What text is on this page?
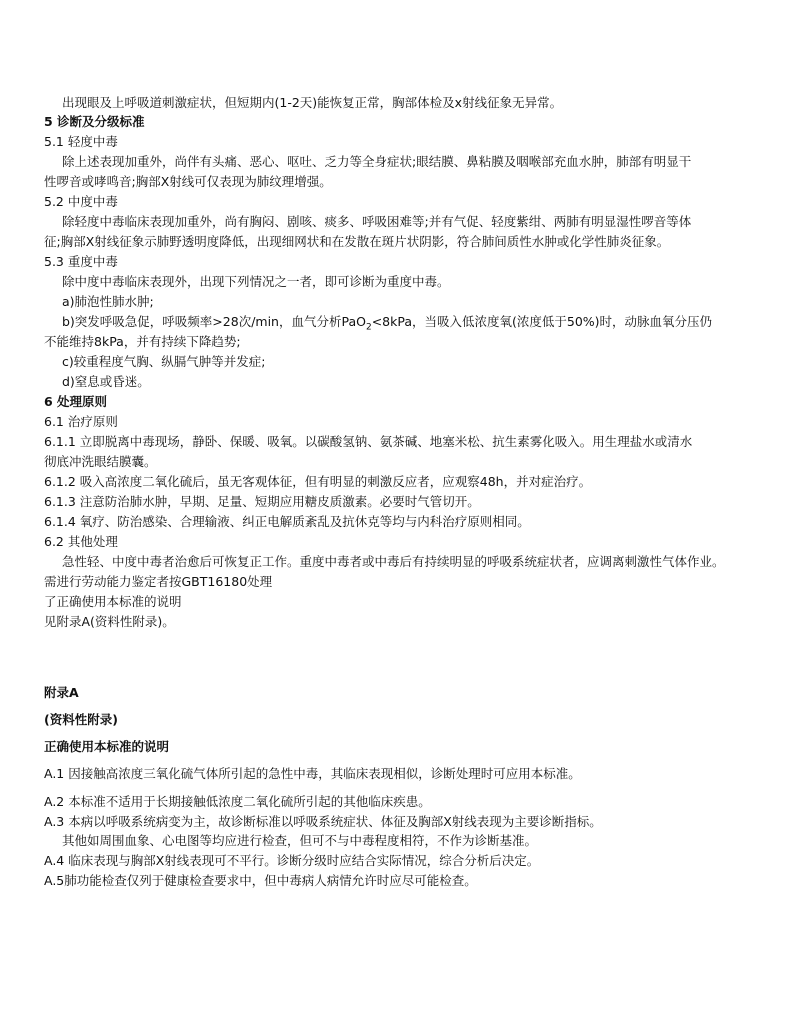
出现眼及上呼吸道刺激症状，但短期内(1-2天)能恢复正常，胸部体检及x射线征象无异常。
5 诊断及分级标准
5.1 轻度中毒
除上述表现加重外，尚伴有头痛、恶心、呕吐、乏力等全身症状;眼结膜、鼻粘膜及咽喉部充血水肿，肺部有明显干
性啰音或哮鸣音;胸部X射线可仅表现为肺纹理增强。
5.2 中度中毒
除轻度中毒临床表现加重外，尚有胸闷、剧咳、痰多、呼吸困难等;并有气促、轻度紫绀、两肺有明显湿性啰音等体
征;胸部X射线征象示肺野透明度降低，出现细网状和在发散在斑片状阴影，符合肺间质性水肿或化学性肺炎征象。
5.3 重度中毒
除中度中毒临床表现外，出现下列情况之一者，即可诊断为重度中毒。
a)肺泡性肺水肿;
b)突发呼吸急促，呼吸频率>28次/min，血气分析PaO$_2$<8kPa，当吸入低浓度氧(浓度低于50%)时，动脉血氧分压仍
不能维持8kPa，并有持续下降趋势;
c)较重程度气胸、纵膈气肿等并发症;
d)窒息或昏迷。
6 处理原则
6.1 治疗原则
6.1.1 立即脱离中毒现场，静卧、保暖、吸氧。以碳酸氢钠、氨茶碱、地塞米松、抗生素雾化吸入。用生理盐水或清水
彻底冲洗眼结膜囊。
6.1.2 吸入高浓度二氧化硫后，虽无客观体征，但有明显的刺激反应者，应观察48h，并对症治疗。
6.1.3 注意防治肺水肿，早期、足量、短期应用糖皮质激素。必要时气管切开。
6.1.4 氧疗、防治感染、合理输液、纠正电解质紊乱及抗休克等均与内科治疗原则相同。
6.2 其他处理
急性轻、中度中毒者治愈后可恢复正工作。重度中毒者或中毒后有持续明显的呼吸系统症状者，应调离刺激性气体作业。
需进行劳动能力鉴定者按GBT16180处理
了正确使用本标准的说明
见附录A(资料性附录)。
附录A
(资料性附录)
正确使用本标准的说明
A.1 因接触高浓度三氧化硫气体所引起的急性中毒，其临床表现相似，诊断处理时可应用本标准。
A.2 本标准不适用于长期接触低浓度二氧化硫所引起的其他临床疾患。
A.3 本病以呼吸系统病变为主，故诊断标准以呼吸系统症状、体征及胸部X射线表现为主要诊断指标。
其他如周围血象、心电图等均应进行检查，但可不与中毒程度相符，不作为诊断基准。
A.4 临床表现与胸部X射线表现可不平行。诊断分级时应结合实际情况，综合分析后决定。
A.5肺功能检查仅列于健康检查要求中，但中毒病人病情允许时应尽可能检查。
